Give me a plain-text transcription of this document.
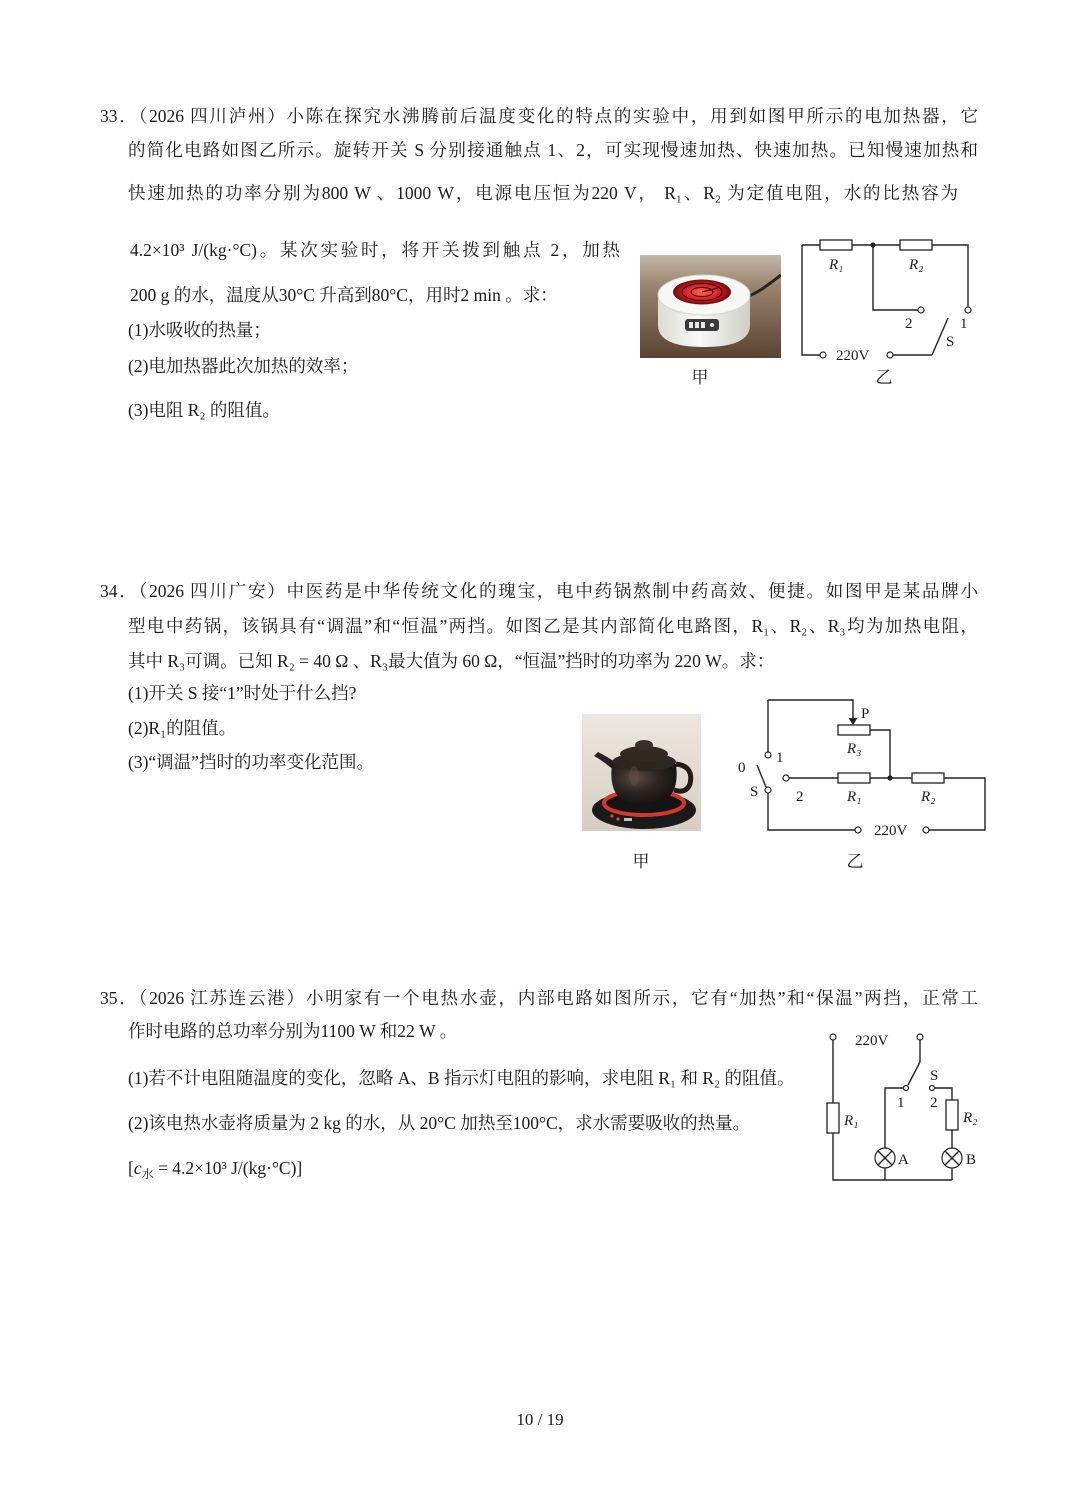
33．（2026 四川泸州）小陈在探究水沸腾前后温度变化的特点的实验中，用到如图甲所示的电加热器，它
的简化电路如图乙所示。旋转开关 S 分别接通触点 1、2，可实现慢速加热、快速加热。已知慢速加热和
快速加热的功率分别为800 W 、1000 W，电源电压恒为220 V， R₁、R₂ 为定值电阻，水的比热容为
4.2×10³ J/(kg·°C)。某次实验时，将开关拨到触点 2，加热
200 g 的水，温度从30°C 升高到80°C，用时2 min 。求：
(1)水吸收的热量；
(2)电加热器此次加热的效率；
(3)电阻 R₂ 的阻值。
甲
R₁	R₂
2	1
S
220V
乙
34．（2026 四川广安）中医药是中华传统文化的瑰宝，电中药锅熬制中药高效、便捷。如图甲是某品牌小
型电中药锅，该锅具有“调温”和“恒温”两挡。如图乙是其内部简化电路图，R₁、R₂、R₃均为加热电阻，
其中 R₃可调。已知 R₂ = 40 Ω 、R₃最大值为 60 Ω，“恒温”挡时的功率为 220 W。求：
(1)开关 S 接“1”时处于什么挡?
(2)R₁的阻值。
(3)“调温”挡时的功率变化范围。
甲
P
R₃
0
1
S	2	R₁	R₂
220V
乙
35．（2026 江苏连云港）小明家有一个电热水壶，内部电路如图所示，它有“加热”和“保温”两挡，正常工
作时电路的总功率分别为1100 W 和22 W 。
(1)若不计电阻随温度的变化，忽略 A、B 指示灯电阻的影响，求电阻 R₁ 和 R₂ 的阻值。
(2)该电热水壶将质量为 2 kg 的水，从 20°C 加热至100°C，求水需要吸收的热量。
[$c_水 = 4.2\times 10^3$ J/(kg·°C)]
220V
S
1 2
R₁	R₂
A	B
10 / 19
